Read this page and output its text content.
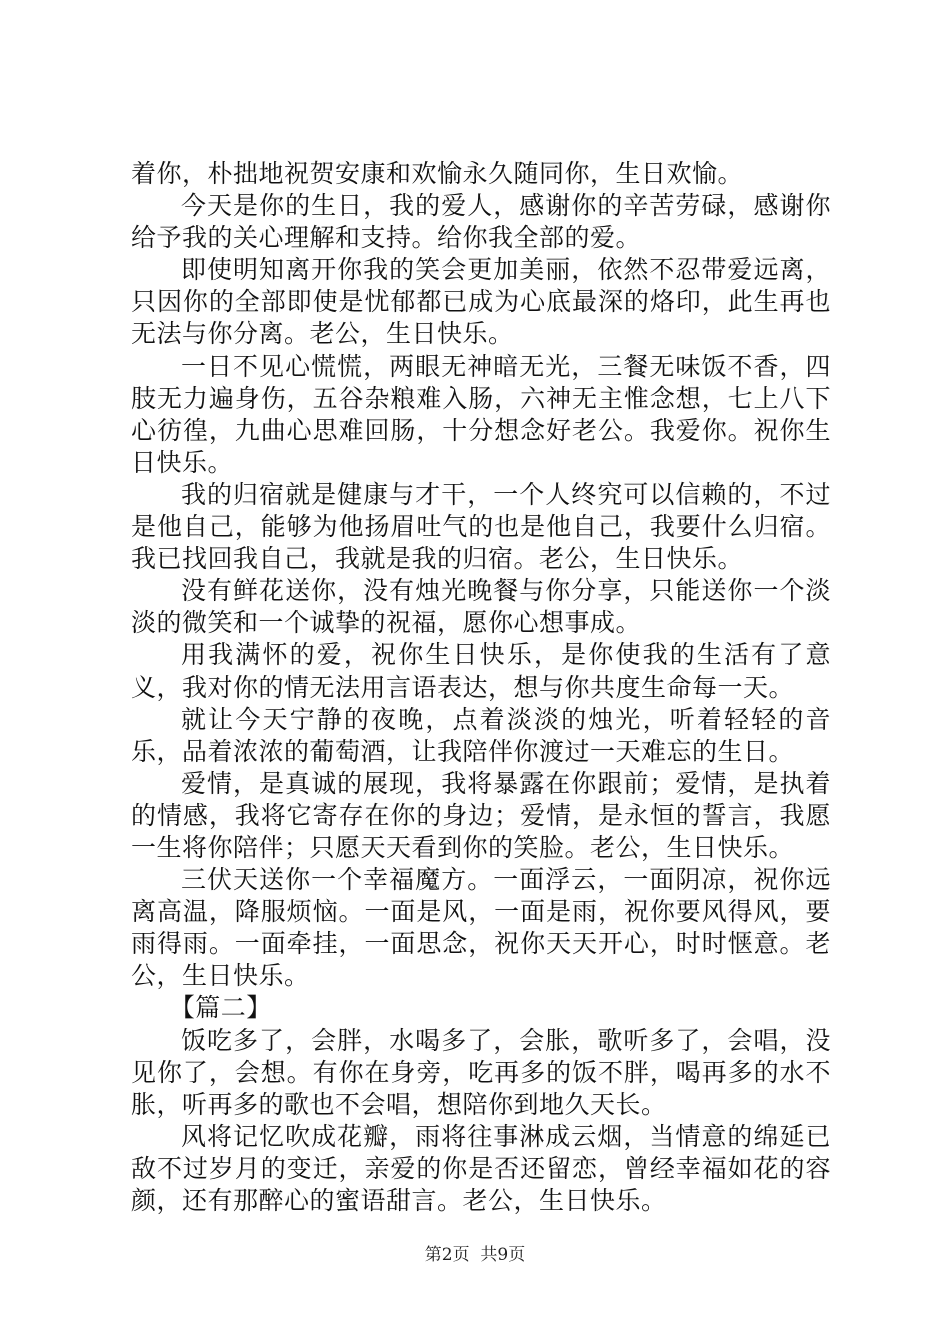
着你，朴拙地祝贺安康和欢愉永久随同你，生日欢愉。

今天是你的生日，我的爱人，感谢你的辛苦劳碌，感谢你给予我的关心理解和支持。给你我全部的爱。

即使明知离开你我的笑会更加美丽，依然不忍带爱远离，只因你的全部即使是忧郁都已成为心底最深的烙印，此生再也无法与你分离。老公，生日快乐。

一日不见心慌慌，两眼无神暗无光，三餐无味饭不香，四肢无力遍身伤，五谷杂粮难入肠，六神无主惟念想，七上八下心彷徨，九曲心思难回肠，十分想念好老公。我爱你。祝你生日快乐。

我的归宿就是健康与才干，一个人终究可以信赖的，不过是他自己，能够为他扬眉吐气的也是他自己，我要什么归宿。我已找回我自己，我就是我的归宿。老公，生日快乐。

没有鲜花送你，没有烛光晚餐与你分享，只能送你一个淡淡的微笑和一个诚挚的祝福，愿你心想事成。

用我满怀的爱，祝你生日快乐，是你使我的生活有了意义，我对你的情无法用言语表达，想与你共度生命每一天。

就让今天宁静的夜晚，点着淡淡的烛光，听着轻轻的音乐，品着浓浓的葡萄酒，让我陪伴你渡过一天难忘的生日。

爱情，是真诚的展现，我将暴露在你跟前；爱情，是执着的情感，我将它寄存在你的身边；爱情，是永恒的誓言，我愿一生将你陪伴；只愿天天看到你的笑脸。老公，生日快乐。

三伏天送你一个幸福魔方。一面浮云，一面阴凉，祝你远离高温，降服烦恼。一面是风，一面是雨，祝你要风得风，要雨得雨。一面牵挂，一面思念，祝你天天开心，时时惬意。老公，生日快乐。

【篇二】

饭吃多了，会胖，水喝多了，会胀，歌听多了，会唱，没见你了，会想。有你在身旁，吃再多的饭不胖，喝再多的水不胀，听再多的歌也不会唱，想陪你到地久天长。

风将记忆吹成花瓣，雨将往事淋成云烟，当情意的绵延已敌不过岁月的变迁，亲爱的你是否还留恋，曾经幸福如花的容颜，还有那醉心的蜜语甜言。老公，生日快乐。

第2页  共9页
